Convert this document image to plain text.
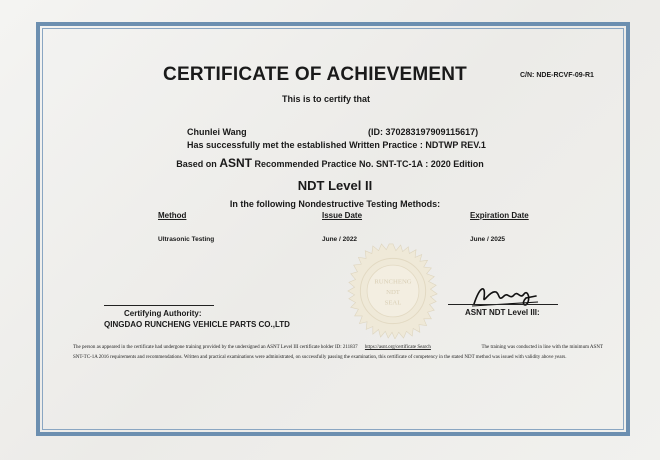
CERTIFICATE OF ACHIEVEMENT	C/N: NDE-RCVF-09-R1
This is to certify that
Chunlei Wang	(ID: 370283197909115617)
Has successfully met the established Written Practice : NDTWP REV.1
Based on ASNT Recommended Practice No. SNT-TC-1A : 2020 Edition
NDT Level II
In the following Nondestructive Testing Methods:
Method	Issue Date	Expiration Date
Ultrasonic Testing	June / 2022	June / 2025
RUNCHENG
NDT
SEAL
Certifying Authority:
QINGDAO RUNCHENG VEHICLE PARTS CO.,LTD
ASNT NDT Level III:
The person as appeared in the certificate had undergone training provided by the undersigned an ASNT Level III certificate holder ID: 211837 https://asnt.org/certificate Search	The training was conducted in line with the minimum ASNT
SNT-TC-1A 2016 requirements and recommendations. Written and practical examinations were administrated, on successfully passing the examination, this certificate of competency in the stated NDT method was issued with validity above years.
